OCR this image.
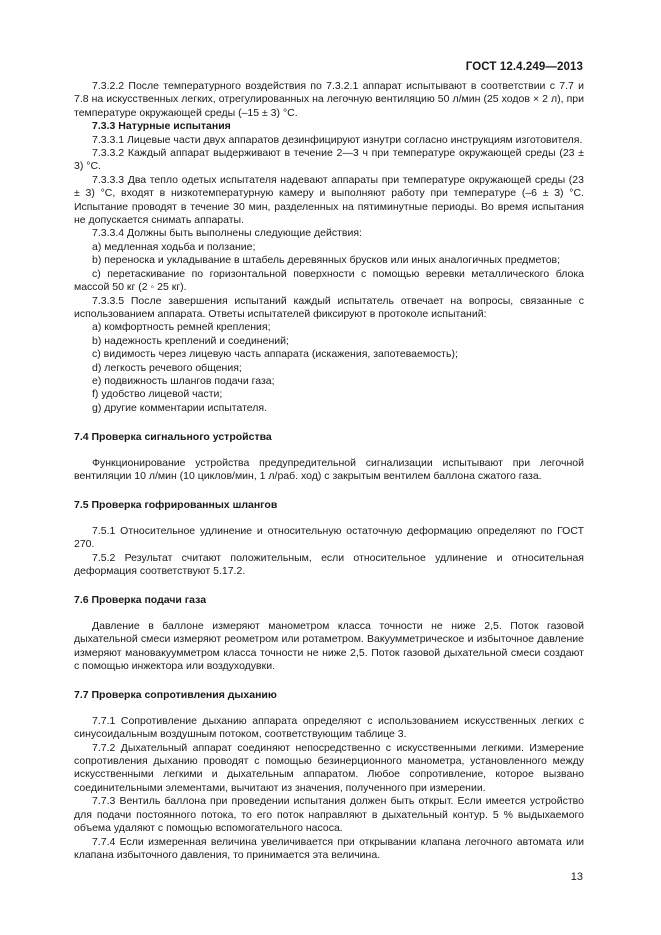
ГОСТ 12.4.249—2013

7.3.2.2 После температурного воздействия по 7.3.2.1 аппарат испытывают в соответствии с 7.7 и 7.8 на искусственных легких, отрегулированных на легочную вентиляцию 50 л/мин (25 ходов × 2 л), при температуре окружающей среды (–15 ± 3) °С.

7.3.3 Натурные испытания

7.3.3.1 Лицевые части двух аппаратов дезинфицируют изнутри согласно инструкциям изготовителя.

7.3.3.2 Каждый аппарат выдерживают в течение 2—3 ч при температуре окружающей среды (23 ± 3) °С.

7.3.3.3 Два тепло одетых испытателя надевают аппараты при температуре окружающей среды (23 ± 3) °С, входят в низкотемпературную камеру и выполняют работу при температуре (–6 ± 3) °С. Испытание проводят в течение 30 мин, разделенных на пятиминутные периоды. Во время испытания не допускается снимать аппараты.

7.3.3.4 Должны быть выполнены следующие действия:

a) медленная ходьба и ползание;

b) переноска и укладывание в штабель деревянных брусков или иных аналогичных предметов;

c) перетаскивание по горизонтальной поверхности с помощью веревки металлического блока массой 50 кг (2 ◦ 25 кг).

7.3.3.5 После завершения испытаний каждый испытатель отвечает на вопросы, связанные с использованием аппарата. Ответы испытателей фиксируют в протоколе испытаний:

a) комфортность ремней крепления;

b) надежность креплений и соединений;

c) видимость через лицевую часть аппарата (искажения, запотеваемость);

d) легкость речевого общения;

e) подвижность шлангов подачи газа;

f) удобство лицевой части;

g) другие комментарии испытателя.

7.4 Проверка сигнального устройства

Функционирование устройства предупредительной сигнализации испытывают при легочной вентиляции 10 л/мин (10 циклов/мин, 1 л/раб. ход) с закрытым вентилем баллона сжатого газа.

7.5 Проверка гофрированных шлангов

7.5.1 Относительное удлинение и относительную остаточную деформацию определяют по ГОСТ 270.

7.5.2 Результат считают положительным, если относительное удлинение и относительная деформация соответствуют 5.17.2.

7.6 Проверка подачи газа

Давление в баллоне измеряют манометром класса точности не ниже 2,5. Поток газовой дыхательной смеси измеряют реометром или ротаметром. Вакуумметрическое и избыточное давление измеряют мановакуумметром класса точности не ниже 2,5. Поток газовой дыхательной смеси создают с помощью инжектора или воздуходувки.

7.7 Проверка сопротивления дыханию

7.7.1 Сопротивление дыханию аппарата определяют с использованием искусственных легких с синусоидальным воздушным потоком, соответствующим таблице 3.

7.7.2 Дыхательный аппарат соединяют непосредственно с искусственными легкими. Измерение сопротивления дыханию проводят с помощью безинерционного манометра, установленного между искусственными легкими и дыхательным аппаратом. Любое сопротивление, которое вызвано соединительными элементами, вычитают из значения, полученного при измерении.

7.7.3 Вентиль баллона при проведении испытания должен быть открыт. Если имеется устройство для подачи постоянного потока, то его поток направляют в дыхательный контур. 5 % выдыхаемого объема удаляют с помощью вспомогательного насоса.

7.7.4 Если измеренная величина увеличивается при открывании клапана легочного автомата или клапана избыточного давления, то принимается эта величина.

13
